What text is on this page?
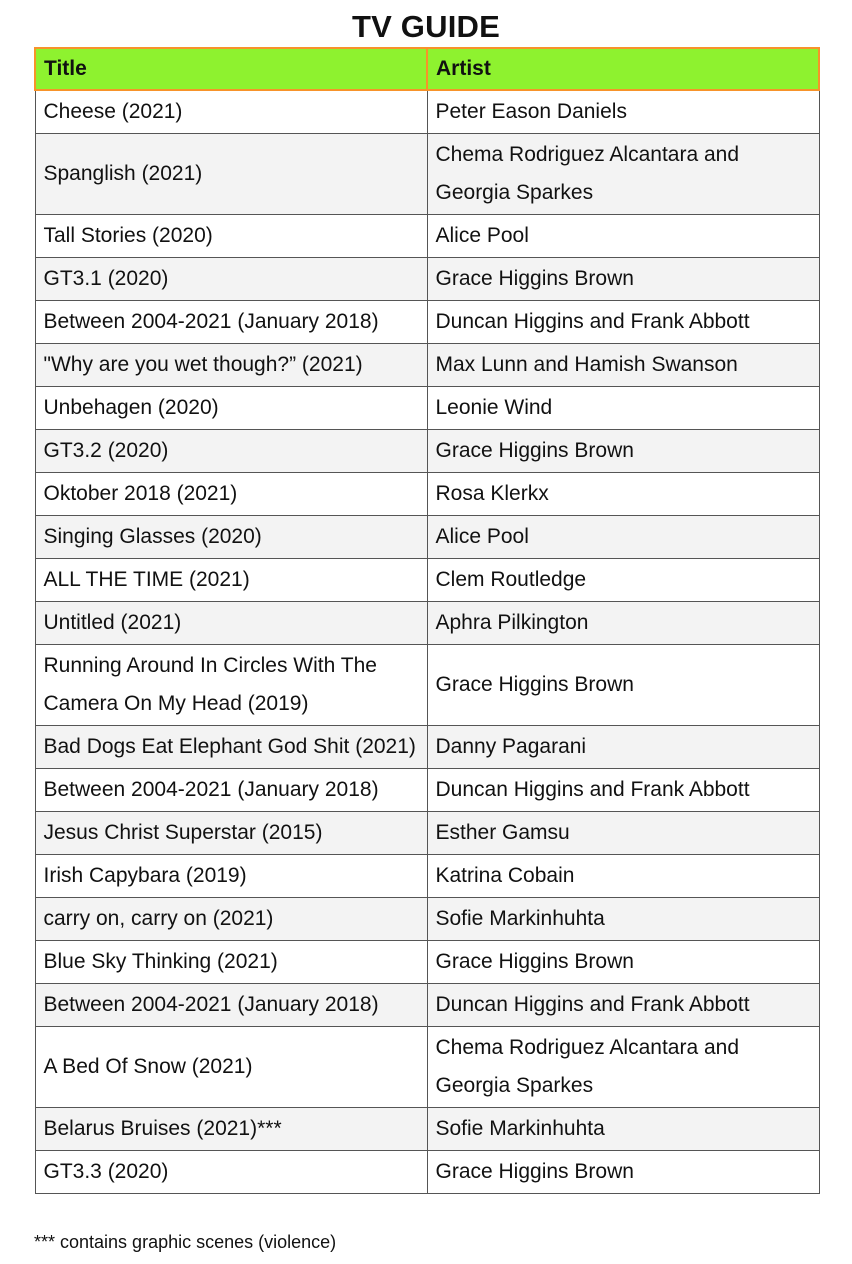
TV GUIDE
Title	Artist
Cheese (2021)	Peter Eason Daniels
Spanglish (2021)	Chema Rodriguez Alcantara and Georgia Sparkes
Tall Stories (2020)	Alice Pool
GT3.1 (2020)	Grace Higgins Brown
Between 2004-2021 (January 2018)	Duncan Higgins and Frank Abbott
"Why are you wet though?” (2021)	Max Lunn and Hamish Swanson
Unbehagen (2020)	Leonie Wind
GT3.2 (2020)	Grace Higgins Brown
Oktober 2018 (2021)	Rosa Klerkx
Singing Glasses (2020)	Alice Pool
ALL THE TIME (2021)	Clem Routledge
Untitled (2021)	Aphra Pilkington
Running Around In Circles With The Camera On My Head (2019)	Grace Higgins Brown
Bad Dogs Eat Elephant God Shit (2021)	Danny Pagarani
Between 2004-2021 (January 2018)	Duncan Higgins and Frank Abbott
Jesus Christ Superstar (2015)	Esther Gamsu
Irish Capybara (2019)	Katrina Cobain
carry on, carry on (2021)	Sofie Markinhuhta
Blue Sky Thinking (2021)	Grace Higgins Brown
Between 2004-2021 (January 2018)	Duncan Higgins and Frank Abbott
A Bed Of Snow (2021)	Chema Rodriguez Alcantara and Georgia Sparkes
Belarus Bruises (2021)***	Sofie Markinhuhta
GT3.3 (2020)	Grace Higgins Brown
*** contains graphic scenes (violence)
